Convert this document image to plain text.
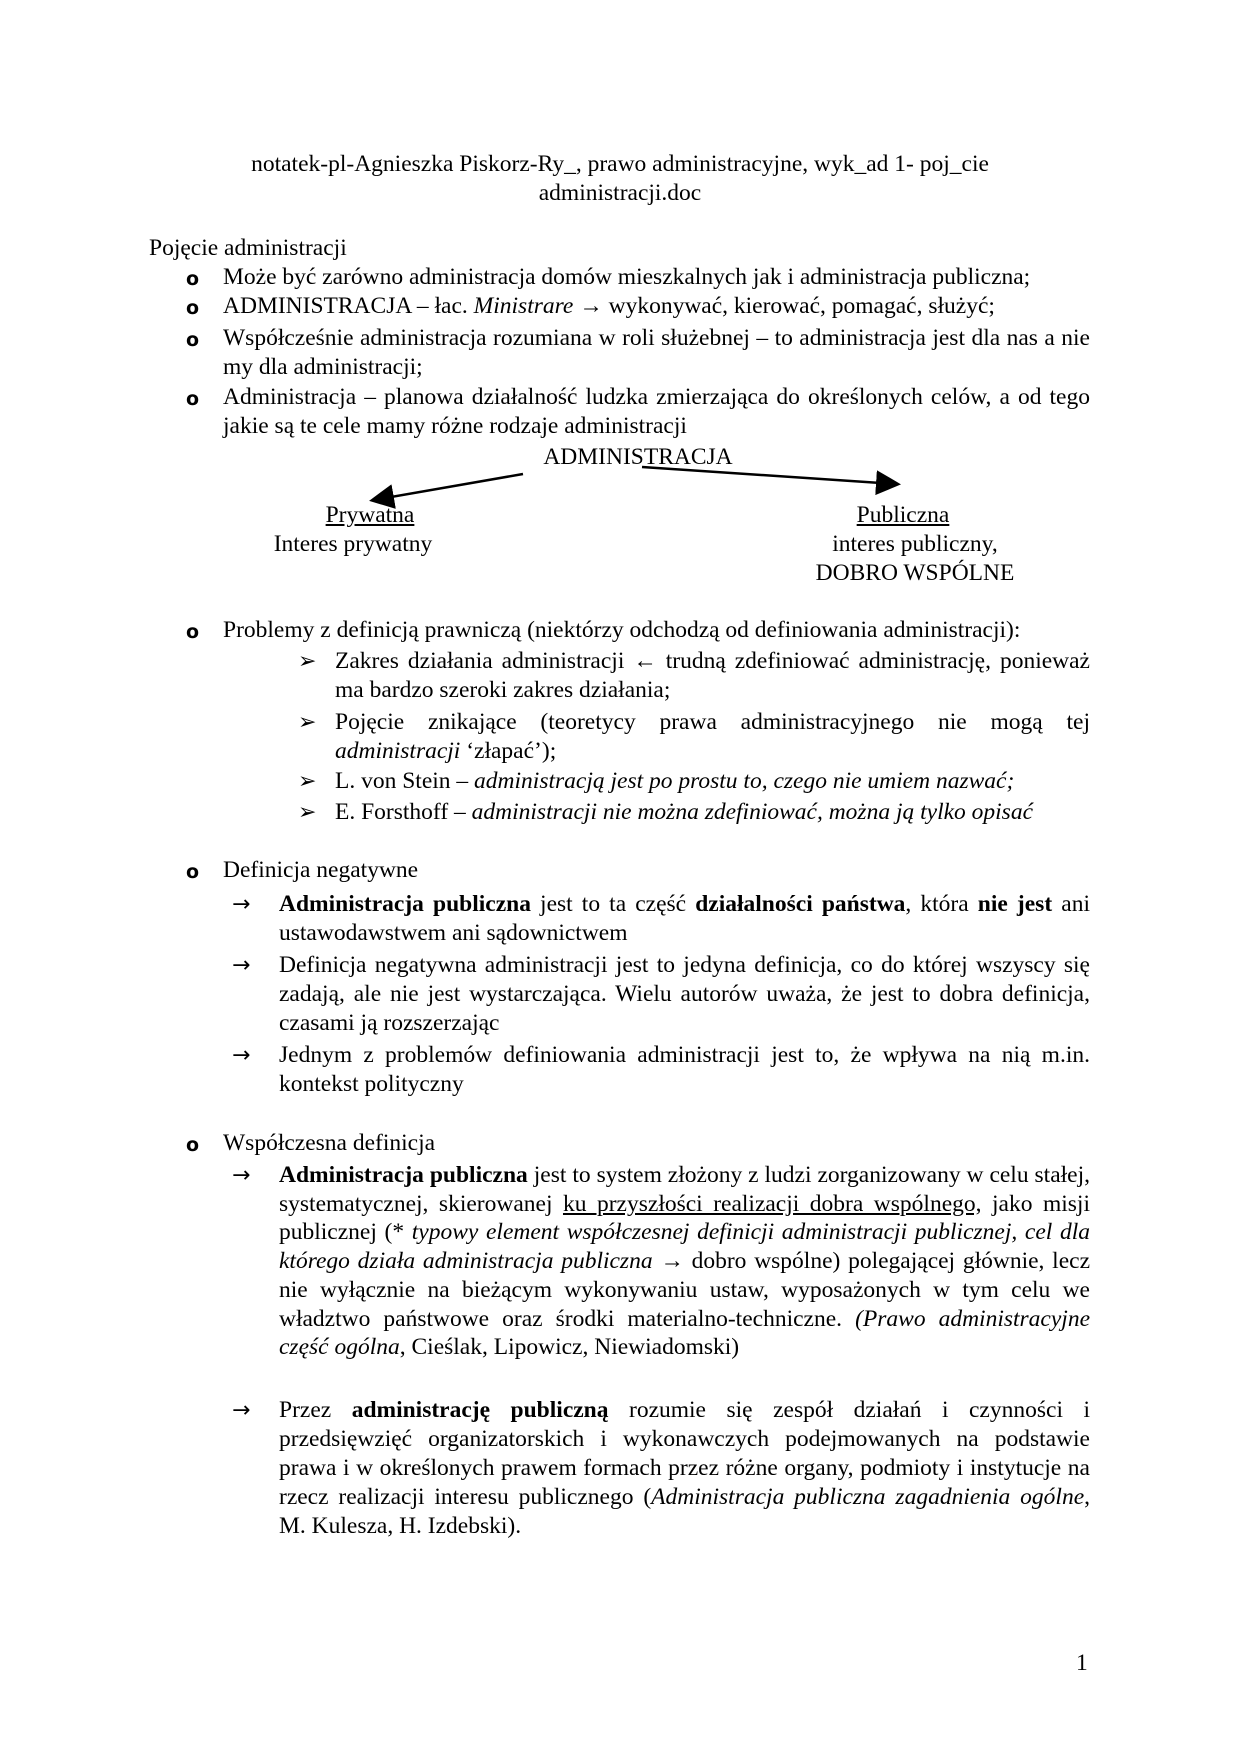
notatek-pl-Agnieszka Piskorz-Ry_, prawo administracyjne, wyk_ad 1- poj_cie
administracji.doc
Pojęcie administracji
o Może być zarówno administracja domów mieszkalnych jak i administracja publiczna;
o ADMINISTRACJA – łac. Ministrare → wykonywać, kierować, pomagać, służyć;
o Współcześnie administracja rozumiana w roli służebnej – to administracja jest dla nas a nie my dla administracji;
o Administracja – planowa działalność ludzka zmierzająca do określonych celów, a od tego jakie są te cele mamy różne rodzaje administracji
ADMINISTRACJA
Prywatna
Interes prywatny
Publiczna
interes publiczny,
DOBRO WSPÓLNE
o Problemy z definicją prawniczą (niektórzy odchodzą od definiowania administracji):
➢ Zakres działania administracji ← trudną zdefiniować administrację, ponieważ ma bardzo szeroki zakres działania;
➢ Pojęcie znikające (teoretycy prawa administracyjnego nie mogą tej administracji ‘złapać’);
➢ L. von Stein – administracją jest po prostu to, czego nie umiem nazwać;
➢ E. Forsthoff – administracji nie można zdefiniować, można ją tylko opisać
o Definicja negatywne
→ Administracja publiczna jest to ta część działalności państwa, która nie jest ani ustawodawstwem ani sądownictwem
→ Definicja negatywna administracji jest to jedyna definicja, co do której wszyscy się zadają, ale nie jest wystarczająca. Wielu autorów uważa, że jest to dobra definicja, czasami ją rozszerzając
→ Jednym z problemów definiowania administracji jest to, że wpływa na nią m.in. kontekst polityczny
o Współczesna definicja
→ Administracja publiczna jest to system złożony z ludzi zorganizowany w celu stałej, systematycznej, skierowanej ku przyszłości realizacji dobra wspólnego, jako misji publicznej (* typowy element współczesnej definicji administracji publicznej, cel dla którego działa administracja publiczna → dobro wspólne) polegającej głównie, lecz nie wyłącznie na bieżącym wykonywaniu ustaw, wyposażonych w tym celu we władztwo państwowe oraz środki materialno-techniczne. (Prawo administracyjne część ogólna, Cieślak, Lipowicz, Niewiadomski)
→ Przez administrację publiczną rozumie się zespół działań i czynności i przedsięwzięć organizatorskich i wykonawczych podejmowanych na podstawie prawa i w określonych prawem formach przez różne organy, podmioty i instytucje na rzecz realizacji interesu publicznego (Administracja publiczna zagadnienia ogólne, M. Kulesza, H. Izdebski).
1
